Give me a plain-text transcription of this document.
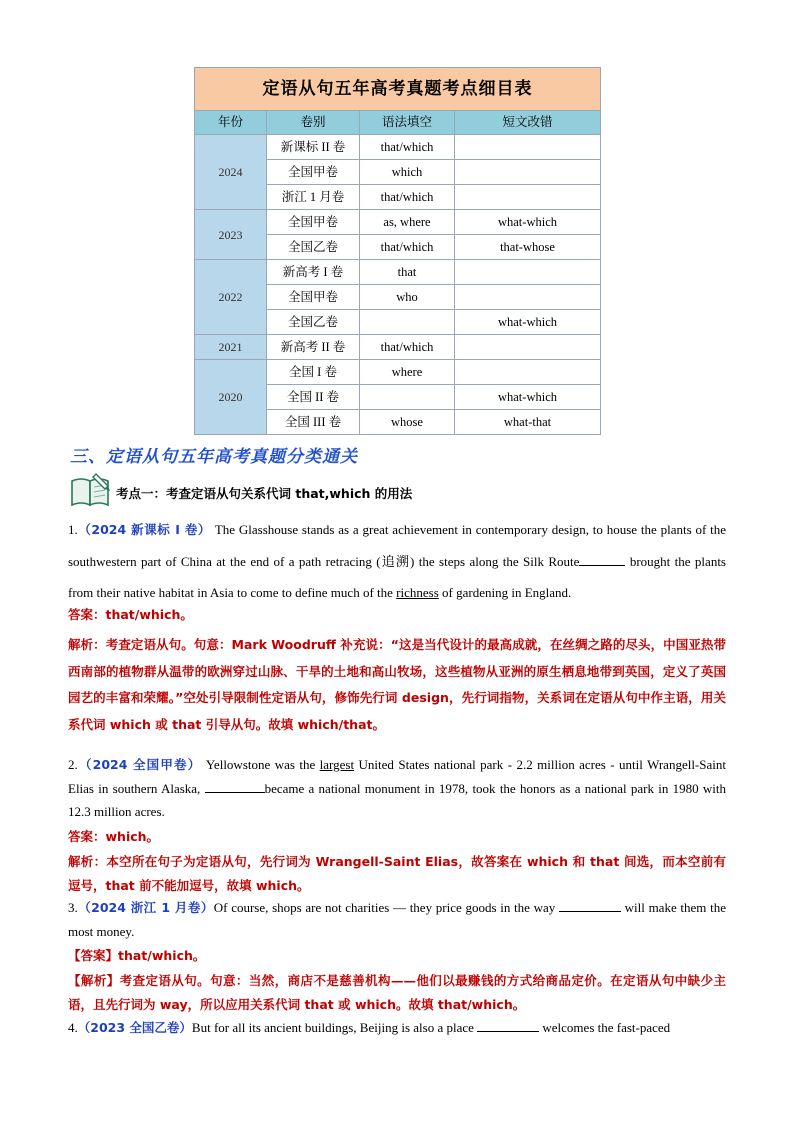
定语从句五年高考真题考点细目表			
年份	卷别	语法填空	短文改错
2024	新课标 II 卷	that/which	
	全国甲卷	which	
	浙江 1 月卷	that/which	
2023	全国甲卷	as, where	what-which
	全国乙卷	that/which	that-whose
2022	新高考 I 卷	that	
	全国甲卷	who	
	全国乙卷		what-which
2021	新高考 II 卷	that/which	
2020	全国 I 卷	where	
	全国 II 卷		what-which
	全国 III 卷	whose	what-that
三、定语从句五年高考真题分类通关
考点一：考查定语从句关系代词 that,which 的用法

1.（2024 新课标 I 卷） The Glasshouse stands as a great achievement in contemporary design, to house the plants of the southwestern part of China at the end of a path retracing (追溯) the steps along the Silk Route	brought the plants from their native habitat in Asia to come to define much of the richness of gardening in England.

答案：that/which。
解析：考查定语从句。句意：Mark Woodruff 补充说：“这是当代设计的最高成就，在丝绸之路的尽头，中国亚热带西南部的植物群从温带的欧洲穿过山脉、干旱的土地和高山牧场，这些植物从亚洲的原生栖息地带到英国，定义了英国园艺的丰富和荣耀。”空处引导限制性定语从句，修饰先行词 design，先行词指物，关系词在定语从句中作主语，用关系代词 which 或 that 引导从句。故填 which/that。

2.（2024 全国甲卷） Yellowstone was the largest United States national park - 2.2 million acres - until Wrangell-Saint Elias in southern Alaska,	became a national monument in 1978, took the honors as a national park in 1980 with 12.3 million acres.

答案：which。
解析：本空所在句子为定语从句，先行词为 Wrangell-Saint Elias，故答案在 which 和 that 间选，而本空前有逗号，that 前不能加逗号，故填 which。

3.（2024 浙江 1 月卷）Of course, shops are not charities — they price goods in the way	will make them the most money.

【答案】that/which。
【解析】考查定语从句。句意：当然，商店不是慈善机构——他们以最赚钱的方式给商品定价。在定语从句中缺少主语，且先行词为 way，所以应用关系代词 that 或 which。故填 that/which。

4.（2023 全国乙卷）But for all its ancient buildings, Beijing is also a place	welcomes the fast-paced
